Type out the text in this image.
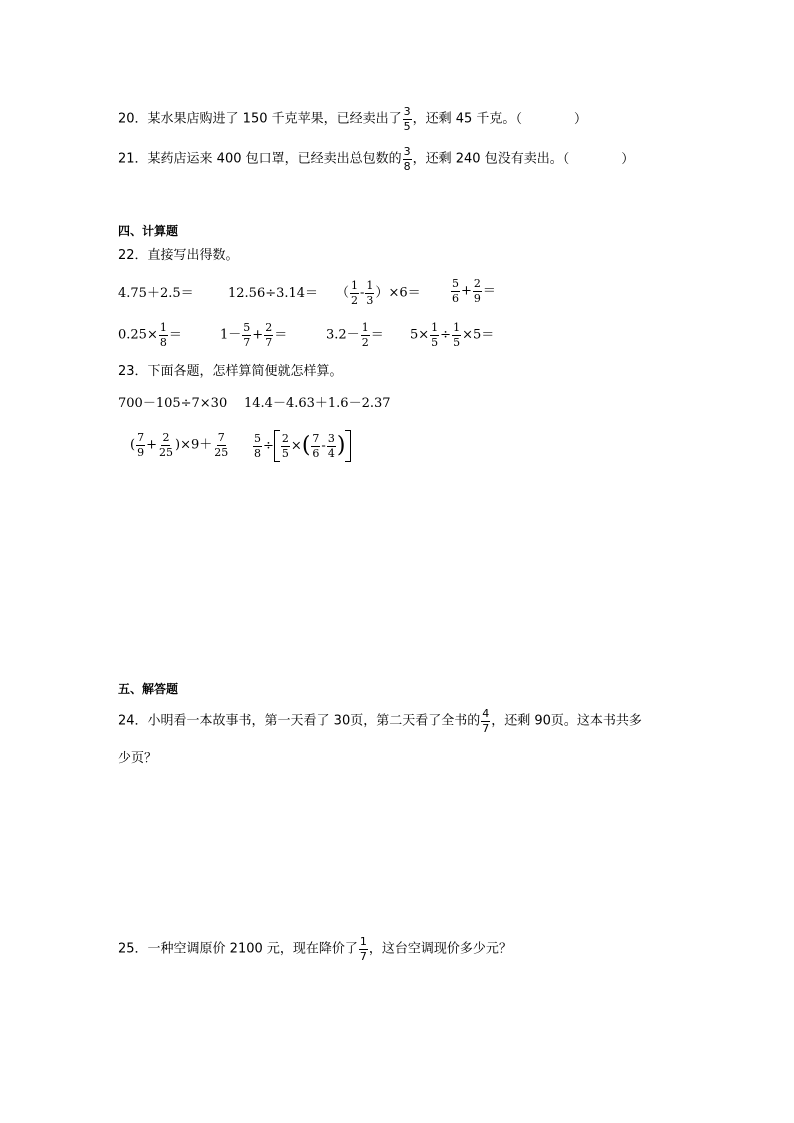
20．某水果店购进了 150 千克苹果，已经卖出了 $\frac{3}{5}$ ，还剩 45 千克。（	）
21．某药店运来 400 包口罩，已经卖出总包数的 $\frac{3}{8}$ ，还剩 240 包没有卖出。（	）
四、计算题
22．直接写出得数。
4.75＋2.5＝	12.56÷3.14＝ （ $\frac{1}{2} - \frac{1}{3} )\times 6=$	$\frac{5}{6} + \frac{2}{9}$ ＝
$0.25\times \frac{1}{8}$ ＝	$1- \frac{5}{7} + \frac{2}{7}$ ＝	$3.2- \frac{1}{2} = 5\times \frac{1}{5} \div \frac{1}{5} \times 5=$
23．下面各题，怎样算简便就怎样算。
700－105÷7×30 14.4－4.63＋1.6－2.37
( $\frac{7}{9} + \frac{2}{25} )\times 9+ \frac{7}{25} \frac{5}{8} \div \frac{2}{5}$ ×( $\frac{7}{6} - \frac{3}{4}$ )
五、解答题
24．小明看一本故事书，第一天看了 30页，第二天看了全书的 $\frac{4}{7}$ ，还剩 90页。这本书共多
少页？
25．一种空调原价 2100 元，现在降价了 $\frac{1}{7}$ ，这台空调现价多少元？
